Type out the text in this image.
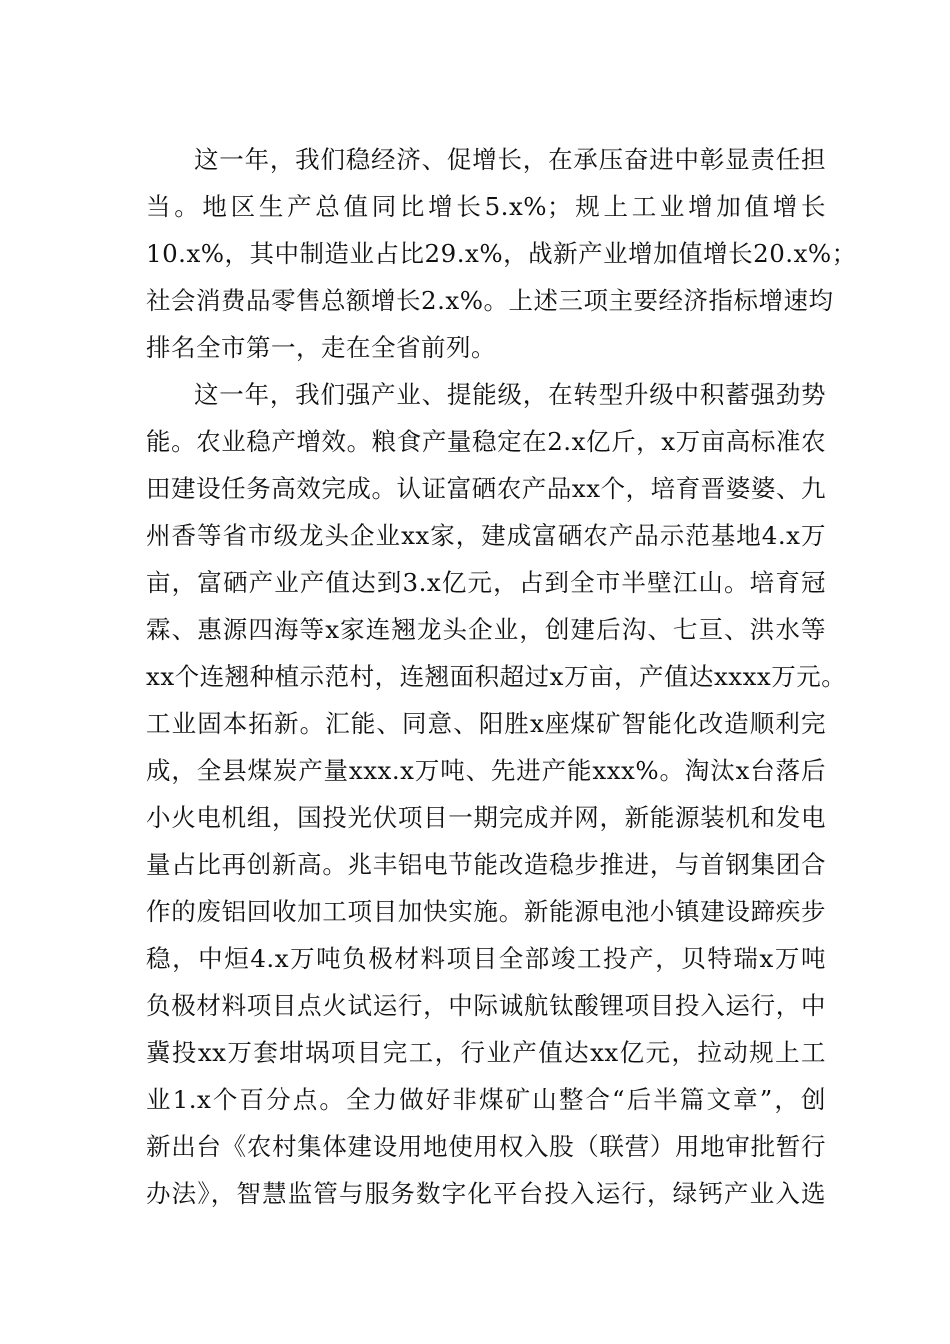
这一年，我们稳经济、促增长，在承压奋进中彰显责任担
当。地区生产总值同比增长5.x%；规上工业增加值增长
10.x%，其中制造业占比29.x%，战新产业增加值增长20.x%；
社会消费品零售总额增长2.x%。上述三项主要经济指标增速均
排名全市第一，走在全省前列。
这一年，我们强产业、提能级，在转型升级中积蓄强劲势
能。农业稳产增效。粮食产量稳定在2.x亿斤，x万亩高标准农
田建设任务高效完成。认证富硒农产品xx个，培育晋婆婆、九
州香等省市级龙头企业xx家，建成富硒农产品示范基地4.x万
亩，富硒产业产值达到3.x亿元，占到全市半壁江山。培育冠
霖、惠源四海等x家连翘龙头企业，创建后沟、七亘、洪水等
xx个连翘种植示范村，连翘面积超过x万亩，产值达xxxx万元。
工业固本拓新。汇能、同意、阳胜x座煤矿智能化改造顺利完
成，全县煤炭产量xxx.x万吨、先进产能xxx%。淘汰x台落后
小火电机组，国投光伏项目一期完成并网，新能源装机和发电
量占比再创新高。兆丰铝电节能改造稳步推进，与首钢集团合
作的废铝回收加工项目加快实施。新能源电池小镇建设蹄疾步
稳，中烜4.x万吨负极材料项目全部竣工投产，贝特瑞x万吨
负极材料项目点火试运行，中际诚航钛酸锂项目投入运行，中
冀投xx万套坩埚项目完工，行业产值达xx亿元，拉动规上工
业1.x个百分点。全力做好非煤矿山整合“后半篇文章”，创
新出台《农村集体建设用地使用权入股（联营）用地审批暂行
办法》，智慧监管与服务数字化平台投入运行，绿钙产业入选
